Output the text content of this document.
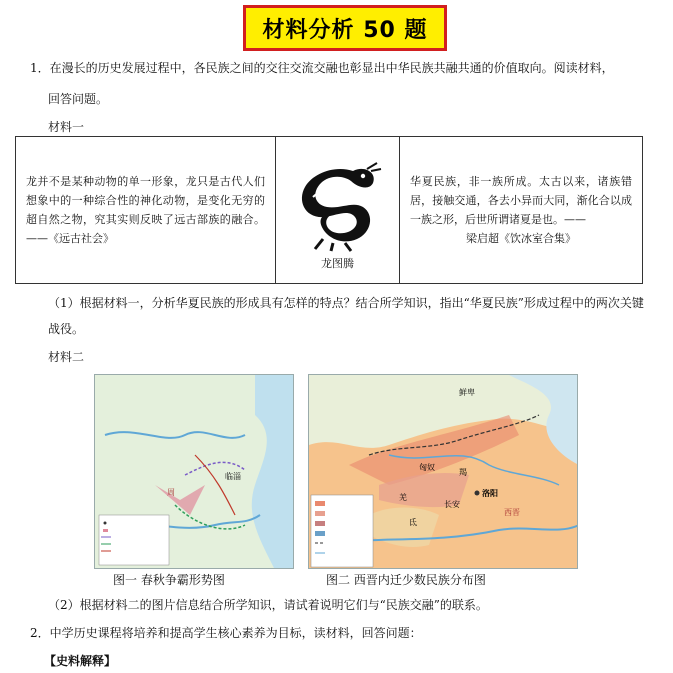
材料分析 50 题
1．在漫长的历史发展过程中，各民族之间的交往交流交融也彰显出中华民族共融共通的价值取向。阅读材料，
回答问题。
材料一
龙并不是某种动物的单一形象，龙只是古代人们想象中的一种综合性的神化动物，是变化无穷的超自然之物，究其实则反映了远古部族的融合。——《远古社会》

龙图腾

华夏民族，非一族所成。太古以来，诸族错居，接触交通，各去小异而大同，渐化合以成一族之形，后世所谓诸夏是也。——
梁启超《饮冰室合集》
（1）根据材料一，分析华夏民族的形成具有怎样的特点？结合所学知识，指出“华夏民族”形成过程中的两次关键战役。
材料二
临淄
周
鲜卑
匈奴
羯
羌
氐
洛阳
长安
西晋
图一 春秋争霸形势图	图二 西晋内迁少数民族分布图
（2）根据材料二的图片信息结合所学知识，请试着说明它们与“民族交融”的联系。
2．中学历史课程将培养和提高学生核心素养为目标，读材料，回答问题：
【史料解释】
